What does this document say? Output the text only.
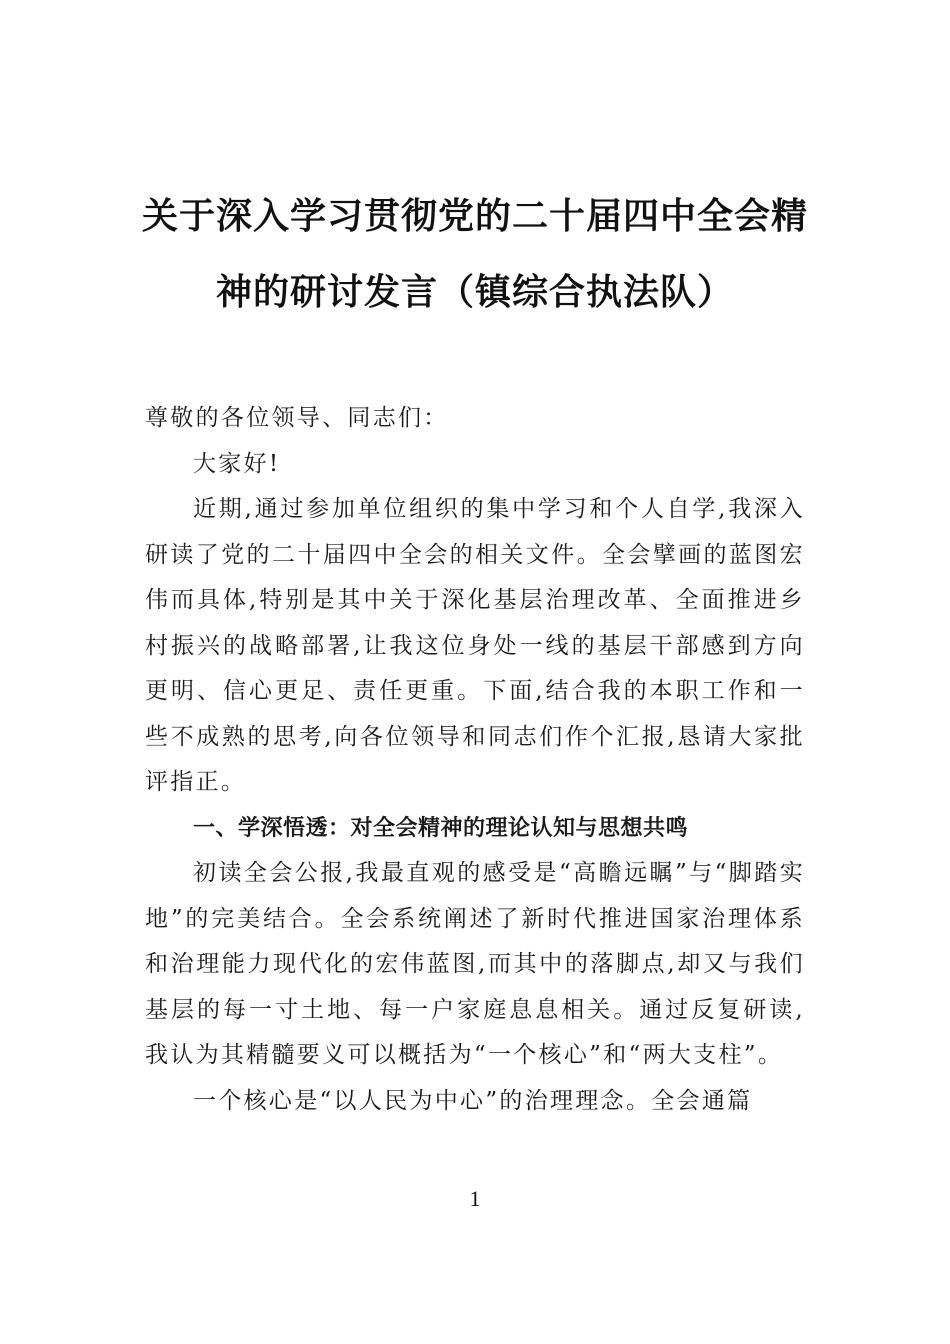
关于深入学习贯彻党的二十届四中全会精
神的研讨发言（镇综合执法队）

尊敬的各位领导、同志们：

大家好!

近期,通过参加单位组织的集中学习和个人自学,我深入研读了党的二十届四中全会的相关文件。全会擘画的蓝图宏伟而具体,特别是其中关于深化基层治理改革、全面推进乡村振兴的战略部署,让我这位身处一线的基层干部感到方向更明、信心更足、责任更重。下面,结合我的本职工作和一些不成熟的思考,向各位领导和同志们作个汇报,恳请大家批评指正。

一、学深悟透：对全会精神的理论认知与思想共鸣

初读全会公报,我最直观的感受是“高瞻远瞩”与“脚踏实地”的完美结合。全会系统阐述了新时代推进国家治理体系和治理能力现代化的宏伟蓝图,而其中的落脚点,却又与我们基层的每一寸土地、每一户家庭息息相关。通过反复研读,我认为其精髓要义可以概括为“一个核心”和“两大支柱”。

一个核心是“以人民为中心”的治理理念。全会通篇

1
